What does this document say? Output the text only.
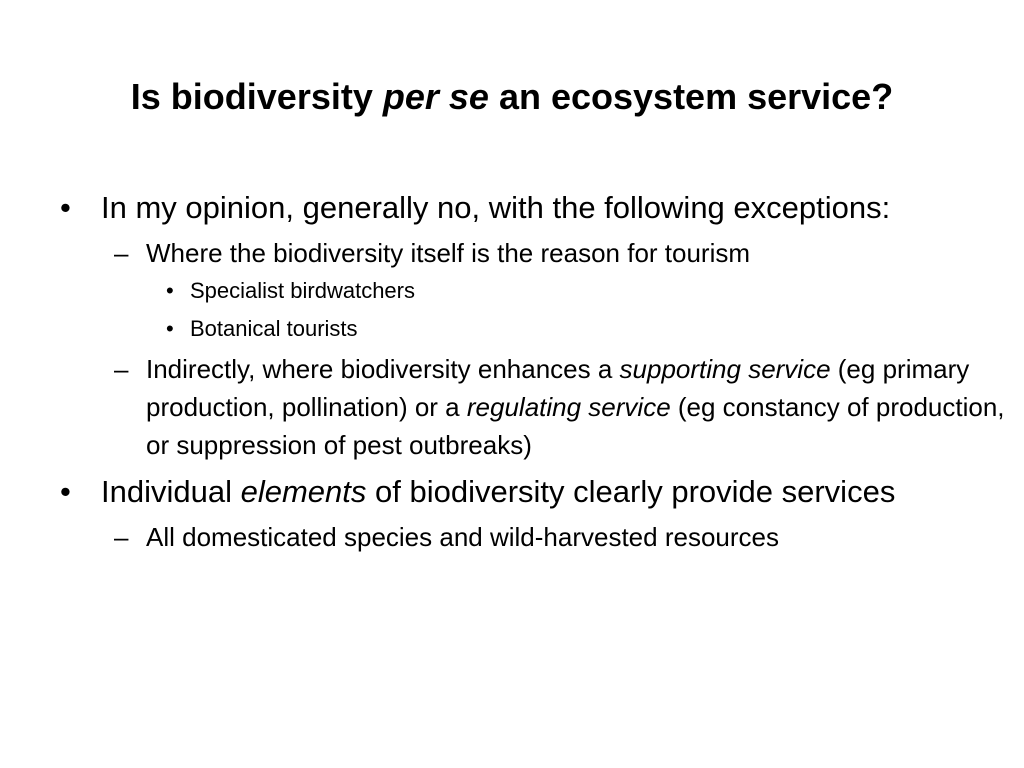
Is biodiversity per se an ecosystem service?
• In my opinion, generally no, with the following exceptions:
– Where the biodiversity itself is the reason for tourism
• Specialist birdwatchers
• Botanical tourists
– Indirectly, where biodiversity enhances a supporting service (eg primary production, pollination) or a regulating service (eg constancy of production, or suppression of pest outbreaks)
• Individual elements of biodiversity clearly provide services
– All domesticated species and wild-harvested resources
